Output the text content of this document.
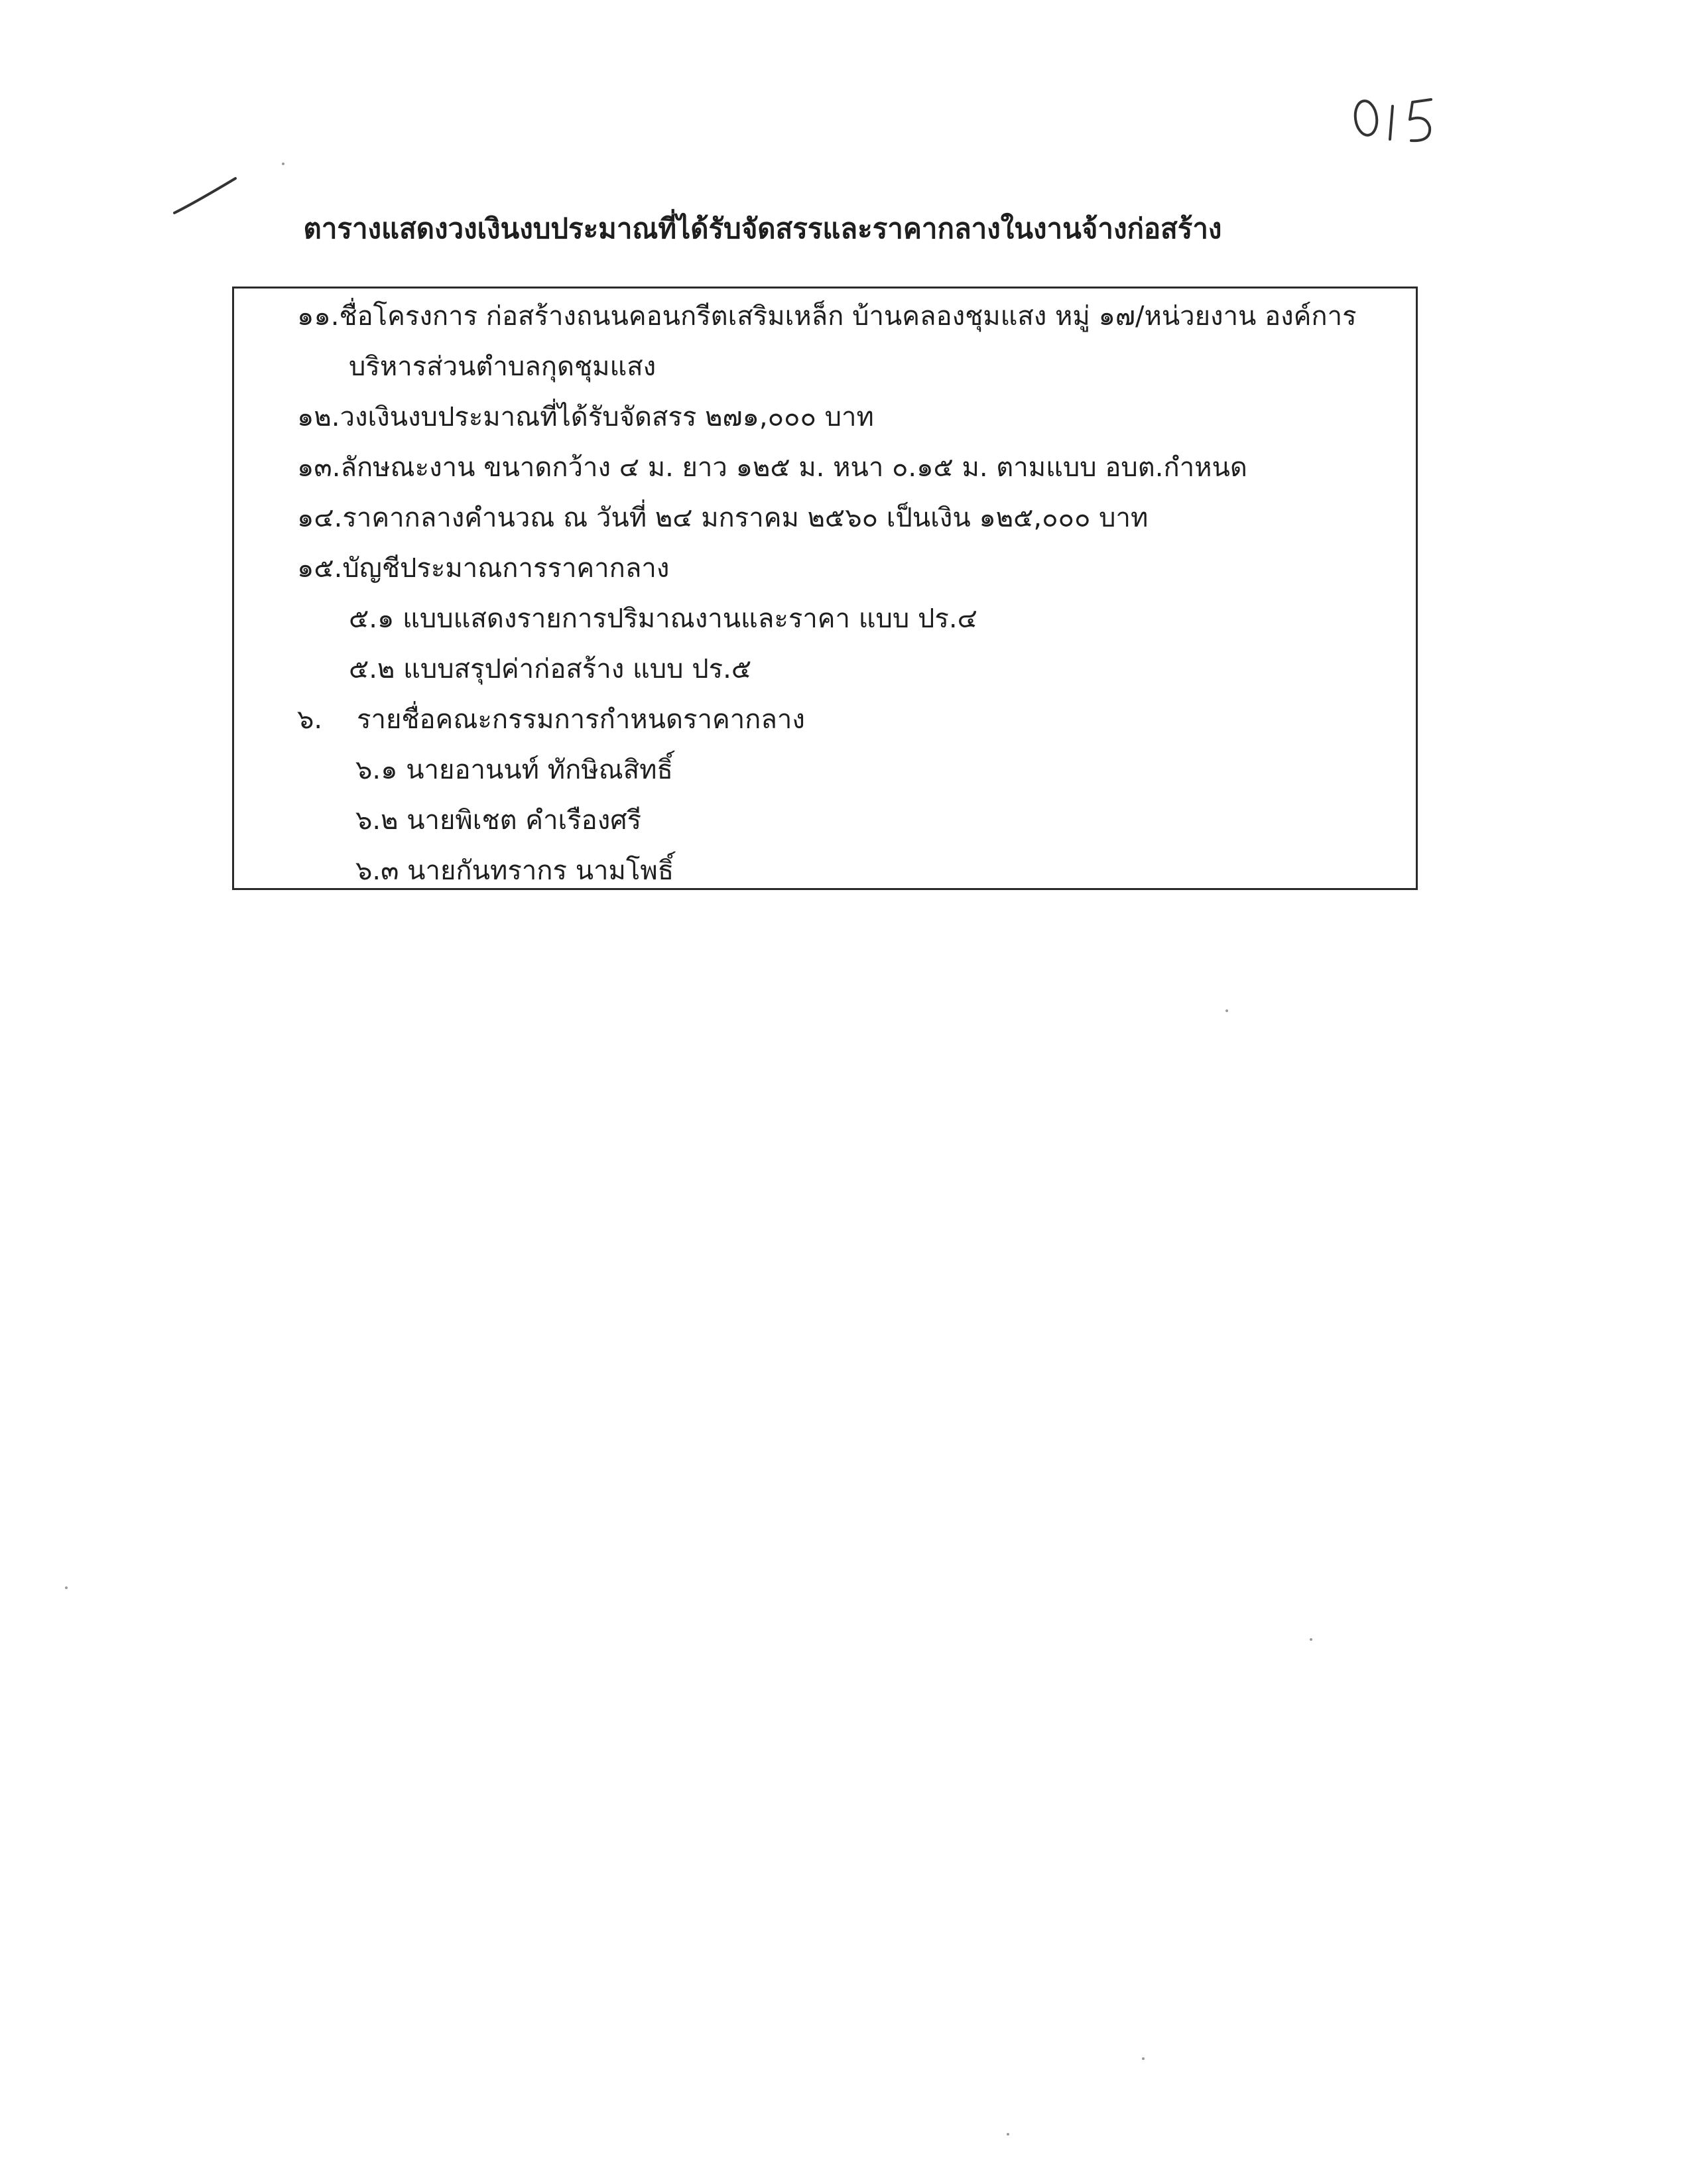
ตารางแสดงวงเงินงบประมาณที่ได้รับจัดสรรและราคากลางในงานจ้างก่อสร้าง
๑๑.ชื่อโครงการ ก่อสร้างถนนคอนกรีตเสริมเหล็ก บ้านคลองชุมแสง หมู่ ๑๗/หน่วยงาน องค์การ
บริหารส่วนตำบลกุดชุมแสง
๑๒.วงเงินงบประมาณที่ได้รับจัดสรร ๒๗๑,๐๐๐ บาท
๑๓.ลักษณะงาน ขนาดกว้าง ๔ ม. ยาว ๑๒๕ ม. หนา ๐.๑๕ ม. ตามแบบ อบต.กำหนด
๑๔.ราคากลางคำนวณ ณ วันที่ ๒๔ มกราคม ๒๕๖๐ เป็นเงิน ๑๒๕,๐๐๐ บาท
๑๕.บัญชีประมาณการราคากลาง
๕.๑ แบบแสดงรายการปริมาณงานและราคา แบบ ปร.๔
๕.๒ แบบสรุปค่าก่อสร้าง แบบ ปร.๕
๖. รายชื่อคณะกรรมการกำหนดราคากลาง
๖.๑ นายอานนท์ ทักษิณสิทธิ์
๖.๒ นายพิเชต คำเรืองศรี
๖.๓ นายกันทรากร นามโพธิ์
